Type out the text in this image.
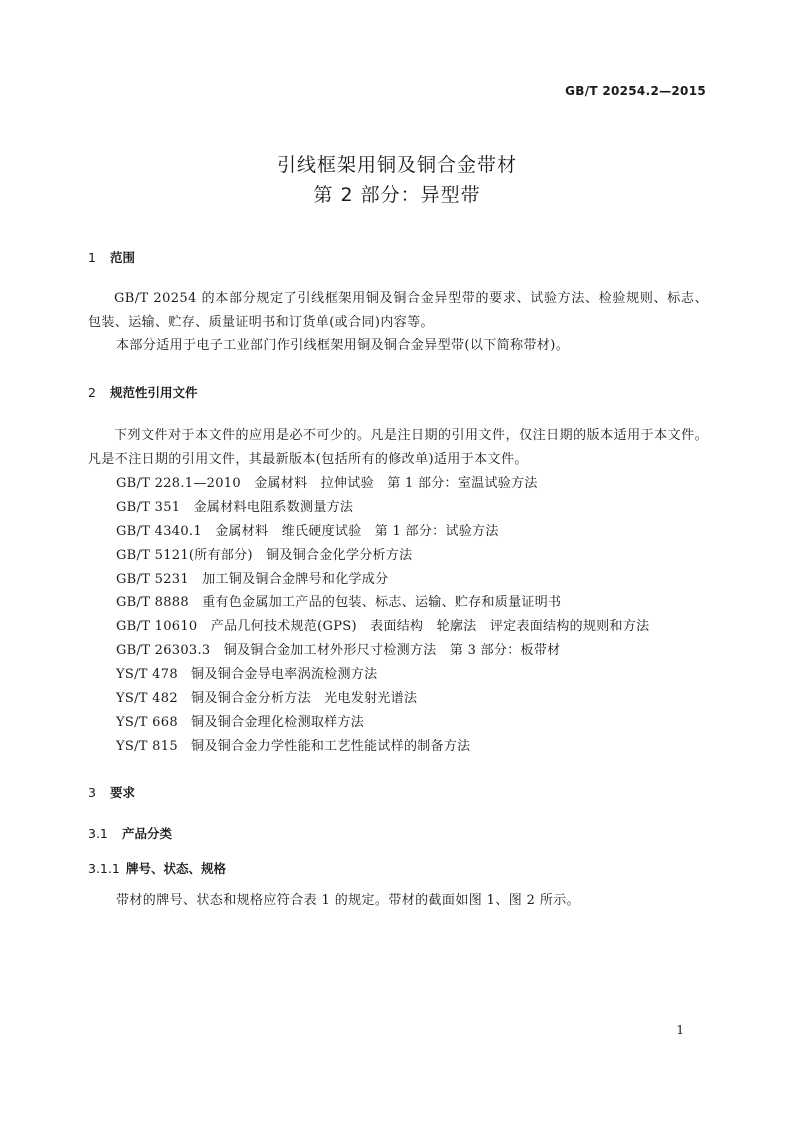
GB/T 20254.2—2015
引线框架用铜及铜合金带材
第 2 部分：异型带
1 范围
GB/T 20254 的本部分规定了引线框架用铜及铜合金异型带的要求、试验方法、检验规则、标志、包装、运输、贮存、质量证明书和订货单(或合同)内容等。
本部分适用于电子工业部门作引线框架用铜及铜合金异型带(以下简称带材)。
2 规范性引用文件
下列文件对于本文件的应用是必不可少的。凡是注日期的引用文件，仅注日期的版本适用于本文件。凡是不注日期的引用文件，其最新版本(包括所有的修改单)适用于本文件。
GB/T 228.1—2010　金属材料　拉伸试验　第 1 部分：室温试验方法
GB/T 351　金属材料电阻系数测量方法
GB/T 4340.1　金属材料　维氏硬度试验　第 1 部分：试验方法
GB/T 5121(所有部分)　铜及铜合金化学分析方法
GB/T 5231　加工铜及铜合金牌号和化学成分
GB/T 8888　重有色金属加工产品的包装、标志、运输、贮存和质量证明书
GB/T 10610　产品几何技术规范(GPS)　表面结构　轮廓法　评定表面结构的规则和方法
GB/T 26303.3　铜及铜合金加工材外形尺寸检测方法　第 3 部分：板带材
YS/T 478　铜及铜合金导电率涡流检测方法
YS/T 482　铜及铜合金分析方法　光电发射光谱法
YS/T 668　铜及铜合金理化检测取样方法
YS/T 815　铜及铜合金力学性能和工艺性能试样的制备方法
3 要求
3.1 产品分类
3.1.1 牌号、状态、规格
带材的牌号、状态和规格应符合表 1 的规定。带材的截面如图 1、图 2 所示。
1
